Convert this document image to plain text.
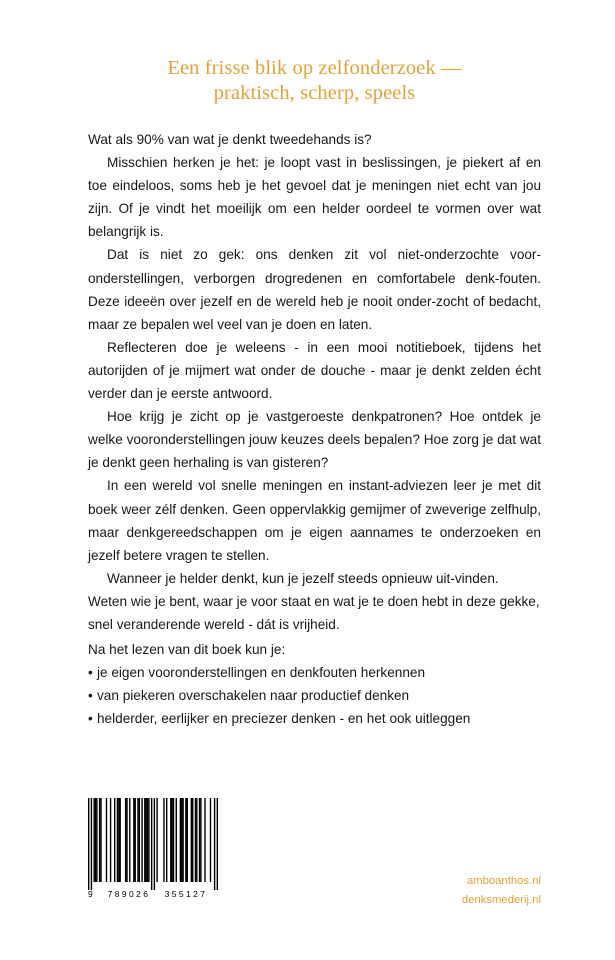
Een frisse blik op zelfonderzoek —
praktisch, scherp, speels

Wat als 90% van wat je denkt tweedehands is?

Misschien herken je het: je loopt vast in beslissingen, je piekert af en toe eindeloos, soms heb je het gevoel dat je meningen niet echt van jou zijn. Of je vindt het moeilijk om een helder oordeel te vormen over wat belangrijk is.

Dat is niet zo gek: ons denken zit vol niet-onderzochte voor-onderstellingen, verborgen drogredenen en comfortabele denk-fouten. Deze ideeën over jezelf en de wereld heb je nooit onder-zocht of bedacht, maar ze bepalen wel veel van je doen en laten.

Reflecteren doe je weleens - in een mooi notitieboek, tijdens het autorijden of je mijmert wat onder de douche - maar je denkt zelden écht verder dan je eerste antwoord.

Hoe krijg je zicht op je vastgeroeste denkpatronen? Hoe ontdek je welke vooronderstellingen jouw keuzes deels bepalen? Hoe zorg je dat wat je denkt geen herhaling is van gisteren?

In een wereld vol snelle meningen en instant-adviezen leer je met dit boek weer zélf denken. Geen oppervlakkig gemijmer of zweverige zelfhulp, maar denkgereedschappen om je eigen aannames te onderzoeken en jezelf betere vragen te stellen.

Wanneer je helder denkt, kun je jezelf steeds opnieuw uit-vinden. Weten wie je bent, waar je voor staat en wat je te doen hebt in deze gekke, snel veranderende wereld - dát is vrijheid.

Na het lezen van dit boek kun je:

• je eigen vooronderstellingen en denkfouten herkennen
• van piekeren overschakelen naar productief denken
• helderder, eerlijker en preciezer denken - en het ook uitleggen
9	789026	355127
amboanthos.nl
denksmederij.nl
